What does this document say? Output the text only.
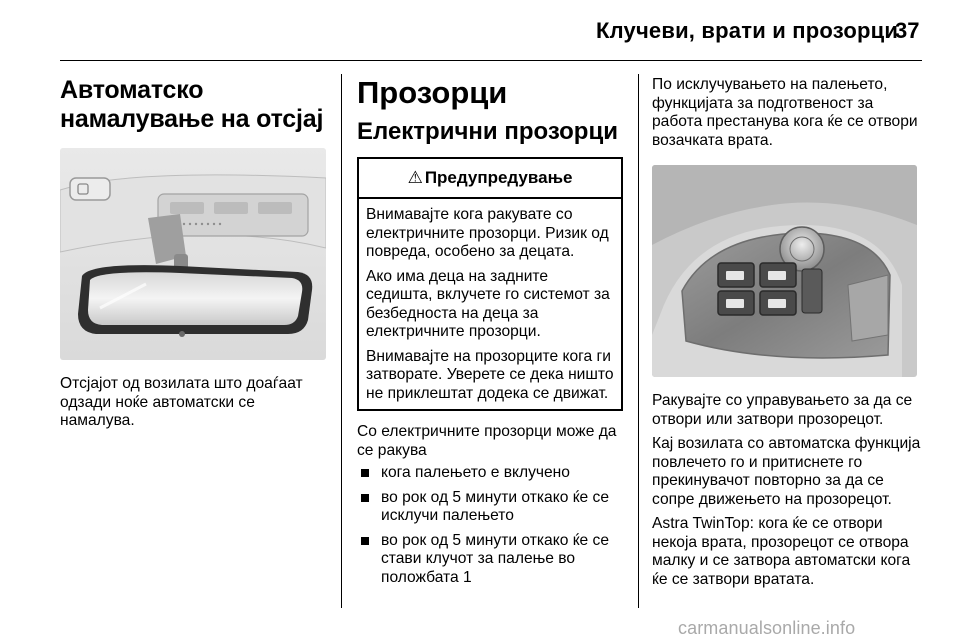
Клучеви, врати и прозорци
37
Автоматско намалување на отсјај

Отсјајот од возилата што доаѓаат одзади ноќе автоматски се намалува.

Прозорци
Електрични прозорци
⚠ Предупредување

Внимавајте кога ракувате со електричните прозорци. Ризик од повреда, особено за децата.

Ако има деца на задните седишта, вклучете го системот за безбедноста на деца за електричните прозорци.

Внимавајте на прозорците кога ги затворате. Уверете се дека ништо не приклештат додека се движат.

Со електричните прозорци може да се ракува

кога палењето е вклучено
во рок од 5 минути откако ќе се исклучи палењето
во рок од 5 минути откако ќе се стави клучот за палење во положбата 1

По исклучувањето на палењето, функцијата за подготвеност за работа престанува кога ќе се отвори возачката врата.

Ракувајте со управувањето за да се отвори или затвори прозорецот.

Кај возилата со автоматска функција повлечето го и притиснете го прекинувачот повторно за да се сопре движењето на прозорецот.

Astra TwinTop: кога ќе се отвори некоја врата, прозорецот се отвора малку и се затвора автоматски кога ќе се затвори вратата.

carmanualsonline.info
